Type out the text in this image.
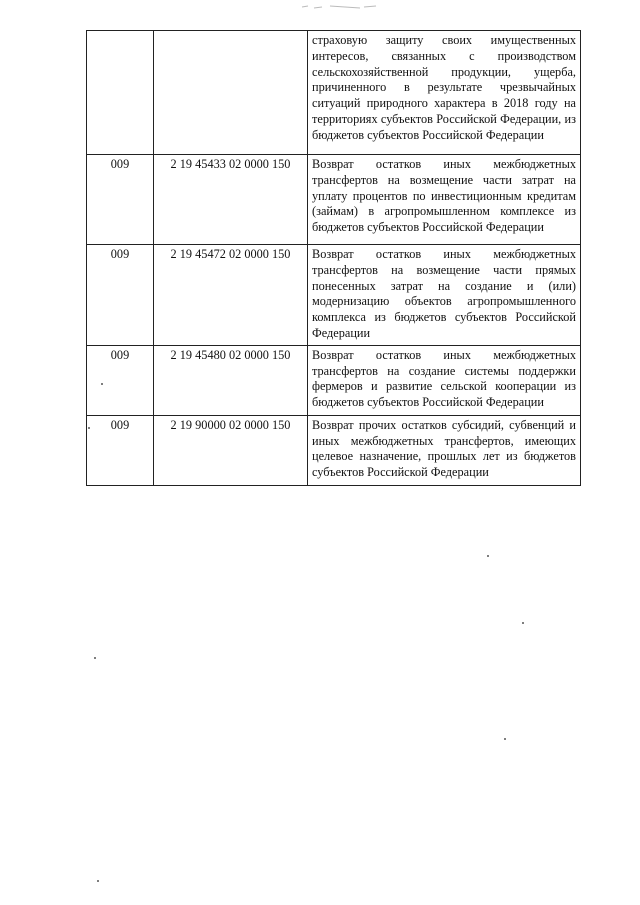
		страховую защиту своих имущественных интересов, связанных с производством сельскохозяйственной продукции, ущерба, причиненного в результате чрезвычайных ситуаций природного характера в 2018 году на территориях субъектов Российской Федерации, из бюджетов субъектов Российской Федерации
009	2 19 45433 02 0000 150	Возврат остатков иных межбюджетных трансфертов на возмещение части затрат на уплату процентов по инвестиционным кредитам (займам) в агропромышленном комплексе из бюджетов субъектов Российской Федерации
009	2 19 45472 02 0000 150	Возврат остатков иных межбюджетных трансфертов на возмещение части прямых понесенных затрат на создание и (или) модернизацию объектов агропромышленного комплекса из бюджетов субъектов Российской Федерации
009	2 19 45480 02 0000 150	Возврат остатков иных межбюджетных трансфертов на создание системы поддержки фермеров и развитие сельской кооперации из бюджетов субъектов Российской Федерации
009	2 19 90000 02 0000 150	Возврат прочих остатков субсидий, субвенций и иных межбюджетных трансфертов, имеющих целевое назначение, прошлых лет из бюджетов субъектов Российской Федерации
